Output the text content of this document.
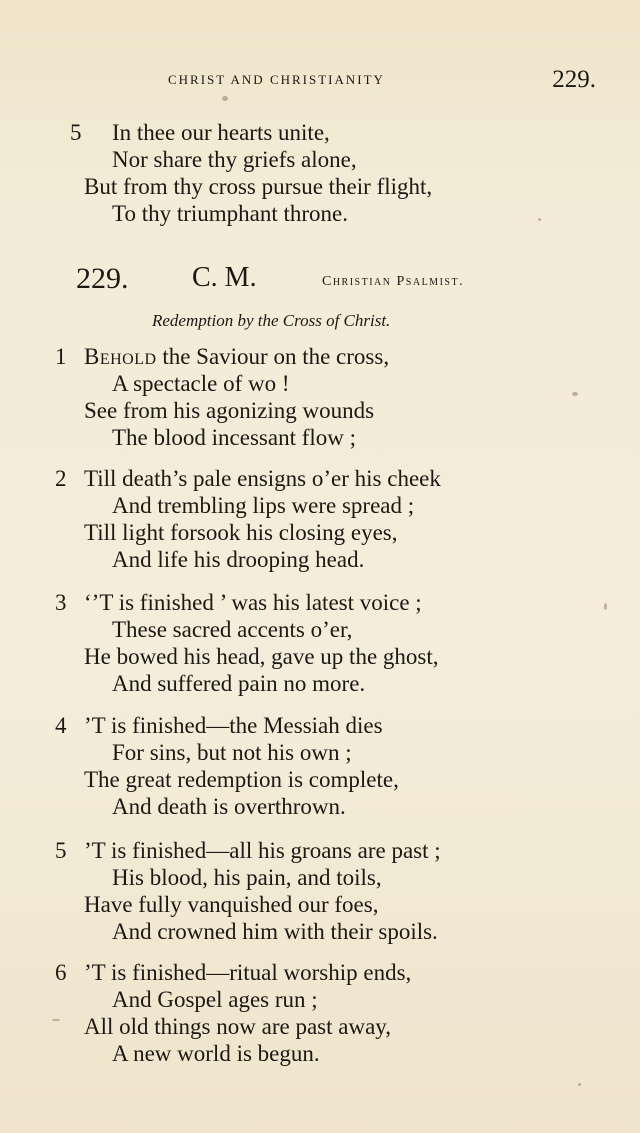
CHRIST AND CHRISTIANITY	229.
5 In thee our hearts unite,
Nor share thy griefs alone,
But from thy cross pursue their flight,
To thy triumphant throne.
229. C. M.	Christian Psalmist.
Redemption by the Cross of Christ.
1 Behold the Saviour on the cross,
A spectacle of wo !
See from his agonizing wounds
The blood incessant flow ;
2 Till death’s pale ensigns o’er his cheek
And trembling lips were spread ;
Till light forsook his closing eyes,
And life his drooping head.
3 ‘’T is finished ’ was his latest voice ;
These sacred accents o’er,
He bowed his head, gave up the ghost,
And suffered pain no more.
4 ’T is finished—the Messiah dies
For sins, but not his own ;
The great redemption is complete,
And death is overthrown.
5 ’T is finished—all his groans are past ;
His blood, his pain, and toils,
Have fully vanquished our foes,
And crowned him with their spoils.
6 ’T is finished—ritual worship ends,
And Gospel ages run ;
All old things now are past away,
A new world is begun.
